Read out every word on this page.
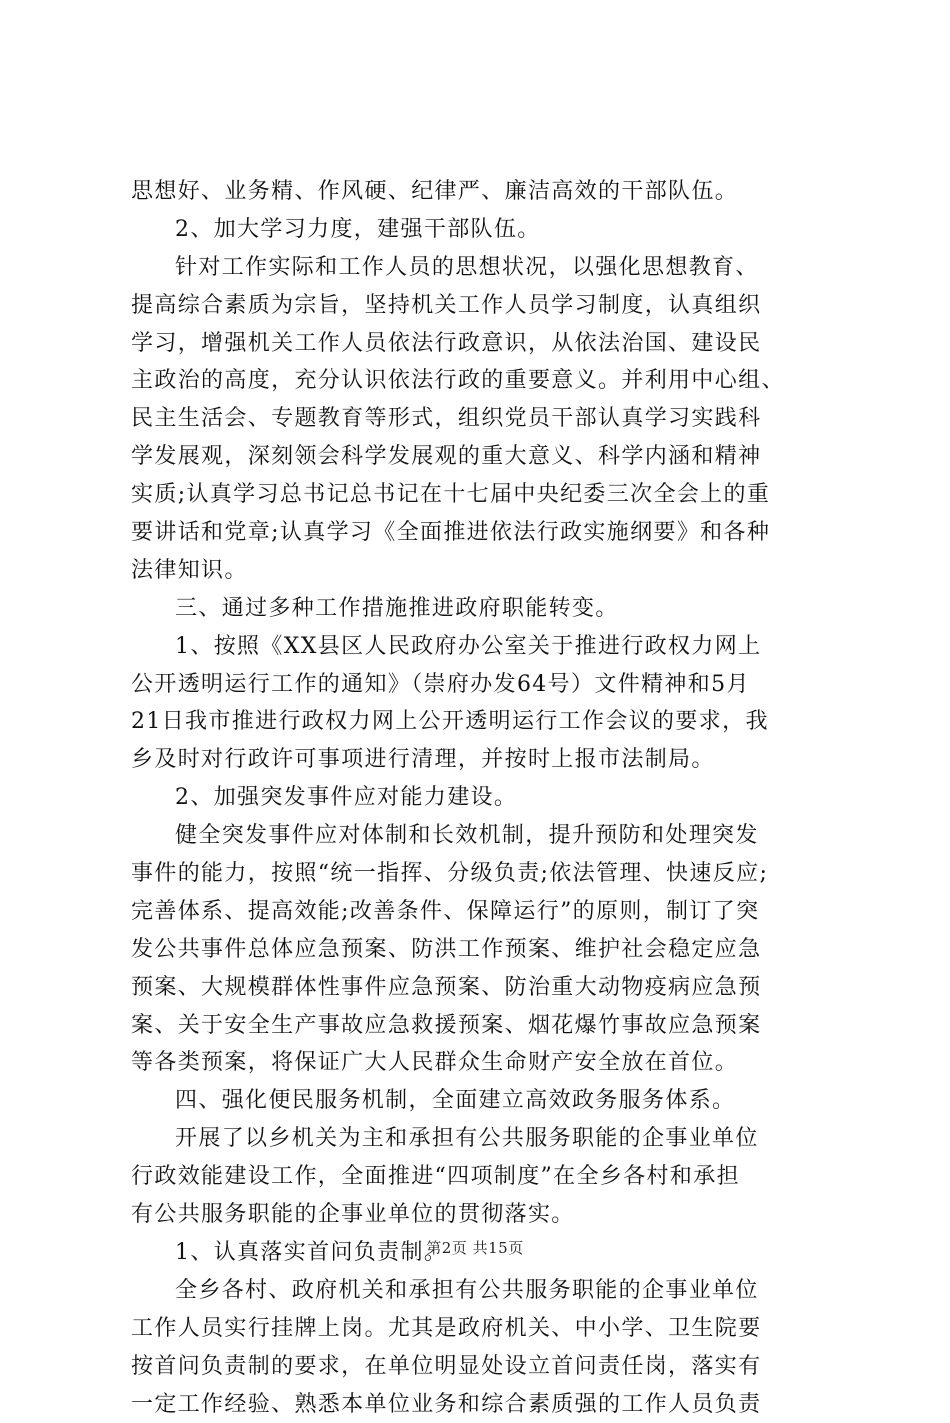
思想好、业务精、作风硬、纪律严、廉洁高效的干部队伍。
2、加大学习力度，建强干部队伍。
针对工作实际和工作人员的思想状况，以强化思想教育、
提高综合素质为宗旨，坚持机关工作人员学习制度，认真组织
学习，增强机关工作人员依法行政意识，从依法治国、建设民
主政治的高度，充分认识依法行政的重要意义。并利用中心组、
民主生活会、专题教育等形式，组织党员干部认真学习实践科
学发展观，深刻领会科学发展观的重大意义、科学内涵和精神
实质;认真学习总书记总书记在十七届中央纪委三次全会上的重
要讲话和党章;认真学习《全面推进依法行政实施纲要》和各种
法律知识。
三、通过多种工作措施推进政府职能转变。
1、按照《XX县区人民政府办公室关于推进行政权力网上
公开透明运行工作的通知》（崇府办发64号）文件精神和5月
21日我市推进行政权力网上公开透明运行工作会议的要求，我
乡及时对行政许可事项进行清理，并按时上报市法制局。
2、加强突发事件应对能力建设。
健全突发事件应对体制和长效机制，提升预防和处理突发
事件的能力，按照“统一指挥、分级负责;依法管理、快速反应;
完善体系、提高效能;改善条件、保障运行”的原则，制订了突
发公共事件总体应急预案、防洪工作预案、维护社会稳定应急
预案、大规模群体性事件应急预案、防治重大动物疫病应急预
案、关于安全生产事故应急救援预案、烟花爆竹事故应急预案
等各类预案，将保证广大人民群众生命财产安全放在首位。
四、强化便民服务机制，全面建立高效政务服务体系。
开展了以乡机关为主和承担有公共服务职能的企事业单位
行政效能建设工作，全面推进“四项制度”在全乡各村和承担
有公共服务职能的企事业单位的贯彻落实。
1、认真落实首问负责制。
全乡各村、政府机关和承担有公共服务职能的企事业单位
工作人员实行挂牌上岗。尤其是政府机关、中小学、卫生院要
按首问负责制的要求，在单位明显处设立首问责任岗，落实有
一定工作经验、熟悉本单位业务和综合素质强的工作人员负责
第2页 共15页
